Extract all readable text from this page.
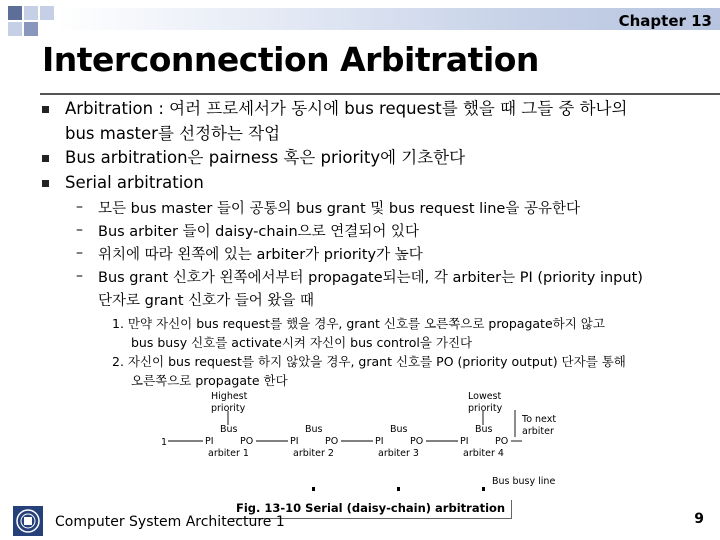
Chapter 13
Interconnection Arbitration
Arbitration : 여러 프로세서가 동시에 bus request를 했을 때 그들 중 하나의
bus master를 선정하는 작업
Bus arbitration은 pairness 혹은 priority에 기초한다
Serial arbitration
– 모든 bus master 들이 공통의 bus grant 및 bus request line을 공유한다
– Bus arbiter 들이 daisy-chain으로 연결되어 있다
– 위치에 따라 왼쪽에 있는 arbiter가 priority가 높다
– Bus grant 신호가 왼쪽에서부터 propagate되는데, 각 arbiter는 PI (priority input)
단자로 grant 신호가 들어 왔을 때
1. 만약 자신이 bus request를 했을 경우, grant 신호를 오른쪽으로 propagate하지 않고
bus busy 신호를 activate시켜 자신이 bus control을 가진다
2. 자신이 bus request를 하지 않았을 경우, grant 신호를 PO (priority output) 단자를 통해
오른쪽으로 propagate 한다
Highest priority
Lowest priority
1
To next arbiter
Bus busy line
Bus
PI	PO
arbiter 1
Bus
PI	PO
arbiter 2
Bus
PI	PO
arbiter 3
Bus
PI	PO
arbiter 4
Fig. 13-10 Serial (daisy-chain) arbitration
Computer System Architecture 1	9
